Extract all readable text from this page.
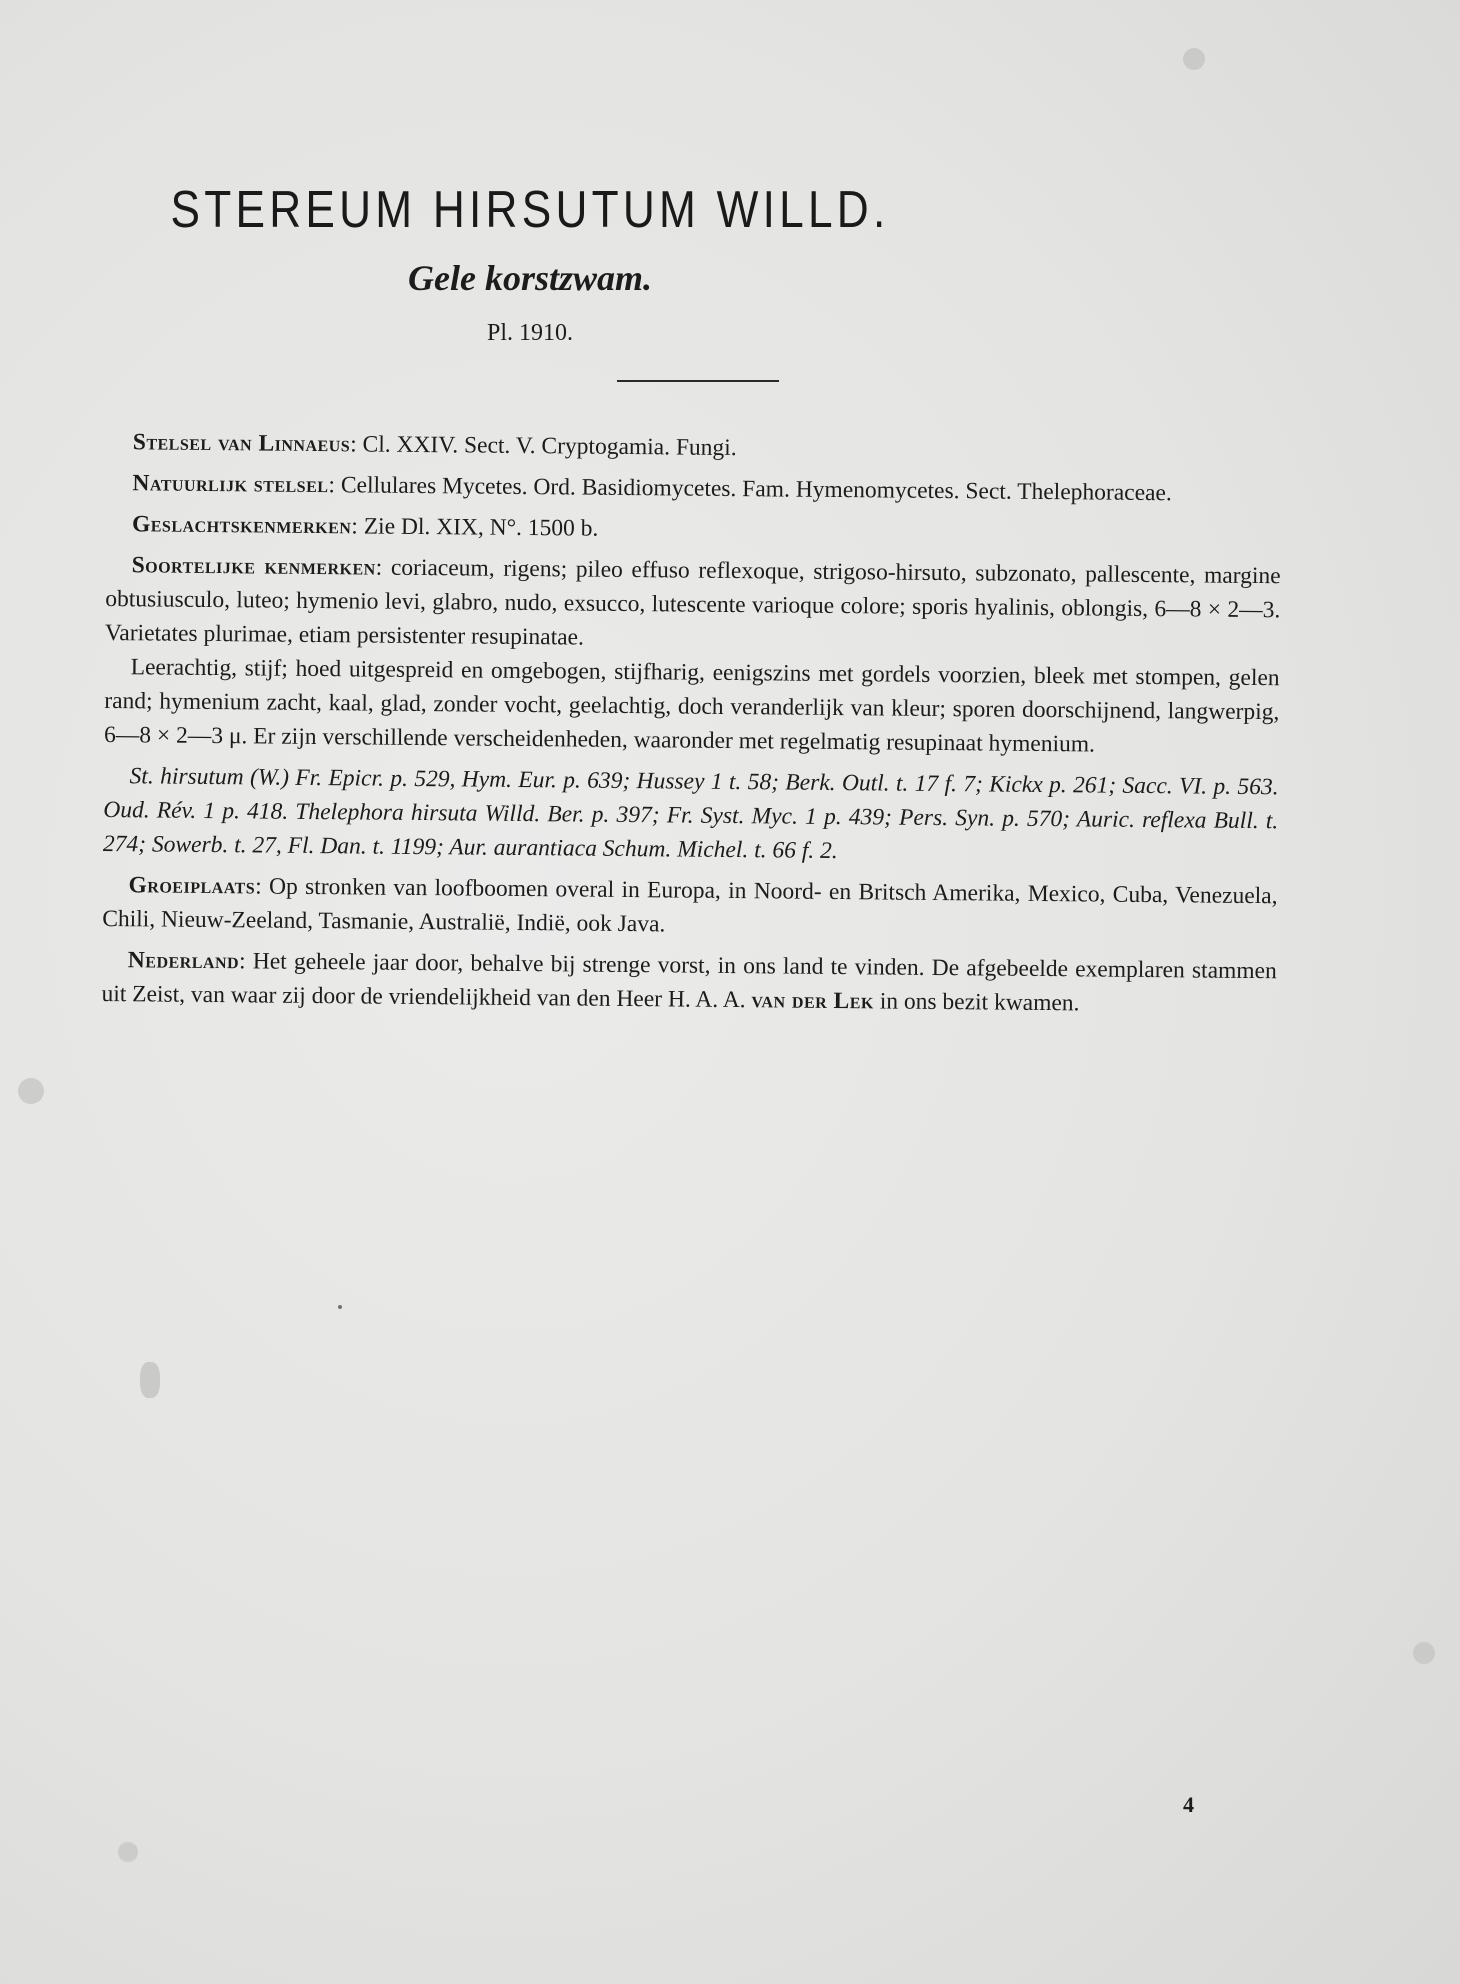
STEREUM HIRSUTUM WILLD.
Gele korstzwam.
Pl. 1910.

Stelsel van Linnaeus: Cl. XXIV. Sect. V. Cryptogamia. Fungi.

Natuurlijk stelsel: Cellulares Mycetes. Ord. Basidiomycetes. Fam. Hymenomycetes. Sect. Thelephoraceae.

Geslachtskenmerken: Zie Dl. XIX, N°. 1500 b.

Soortelijke kenmerken: coriaceum, rigens; pileo effuso reflexoque, strigoso-hirsuto, subzonato, pallescente, margine obtusiusculo, luteo; hymenio levi, glabro, nudo, exsucco, lutescente varioque colore; sporis hyalinis, oblongis, 6—8 × 2—3. Varietates plurimae, etiam persistenter resupinatae.

Leerachtig, stijf; hoed uitgespreid en omgebogen, stijfharig, eenigszins met gordels voorzien, bleek met stompen, gelen rand; hymenium zacht, kaal, glad, zonder vocht, geelachtig, doch veranderlijk van kleur; sporen doorschijnend, langwerpig, 6—8 × 2—3 μ. Er zijn verschillende verscheidenheden, waaronder met regelmatig resupinaat hymenium.

St. hirsutum (W.) Fr. Epicr. p. 529, Hym. Eur. p. 639; Hussey 1 t. 58; Berk. Outl. t. 17 f. 7; Kickx p. 261; Sacc. VI. p. 563. Oud. Rév. 1 p. 418. Thelephora hirsuta Willd. Ber. p. 397; Fr. Syst. Myc. 1 p. 439; Pers. Syn. p. 570; Auric. reflexa Bull. t. 274; Sowerb. t. 27, Fl. Dan. t. 1199; Aur. aurantiaca Schum. Michel. t. 66 f. 2.

Groeiplaats: Op stronken van loofboomen overal in Europa, in Noord- en Britsch Amerika, Mexico, Cuba, Venezuela, Chili, Nieuw-Zeeland, Tasmanie, Australië, Indië, ook Java.

Nederland: Het geheele jaar door, behalve bij strenge vorst, in ons land te vinden. De afgebeelde exemplaren stammen uit Zeist, van waar zij door de vriendelijkheid van den Heer H. A. A. van der Lek in ons bezit kwamen.

4
